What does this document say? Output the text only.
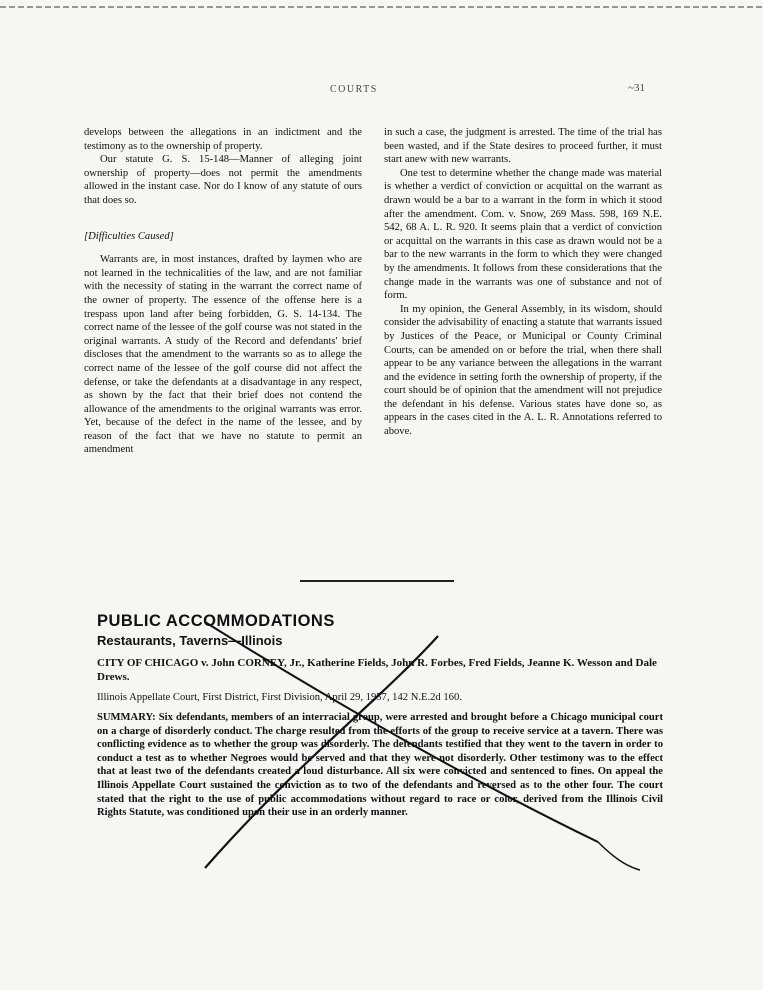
COURTS	~31

develops between the allegations in an indictment and the testimony as to the ownership of property.

Our statute G. S. 15-148—Manner of alleging joint ownership of property—does not permit the amendments allowed in the instant case. Nor do I know of any statute of ours that does so.

[Difficulties Caused]

Warrants are, in most instances, drafted by laymen who are not learned in the technicalities of the law, and are not familiar with the necessity of stating in the warrant the correct name of the owner of property. The essence of the offense here is a trespass upon land after being forbidden, G. S. 14-134. The correct name of the lessee of the golf course was not stated in the original warrants. A study of the Record and defendants' brief discloses that the amendment to the warrants so as to allege the correct name of the lessee of the golf course did not affect the defense, or take the defendants at a disadvantage in any respect, as shown by the fact that their brief does not contend the allowance of the amendments to the original warrants was error. Yet, because of the defect in the name of the lessee, and by reason of the fact that we have no statute to permit an amendment

in such a case, the judgment is arrested. The time of the trial has been wasted, and if the State desires to proceed further, it must start anew with new warrants.

One test to determine whether the change made was material is whether a verdict of conviction or acquittal on the warrant as drawn would be a bar to a warrant in the form in which it stood after the amendment. Com. v. Snow, 269 Mass. 598, 169 N.E. 542, 68 A. L. R. 920. It seems plain that a verdict of conviction or acquittal on the warrants in this case as drawn would not be a bar to the new warrants in the form to which they were changed by the amendments. It follows from these considerations that the change made in the warrants was one of substance and not of form.

In my opinion, the General Assembly, in its wisdom, should consider the advisability of enacting a statute that warrants issued by Justices of the Peace, or Municipal or County Criminal Courts, can be amended on or before the trial, when there shall appear to be any variance between the allegations in the warrant and the evidence in setting forth the ownership of property, if the court should be of opinion that the amendment will not prejudice the defendant in his defense. Various states have done so, as appears in the cases cited in the A. L. R. Annotations referred to above.

PUBLIC ACCOMMODATIONS
Restaurants, Taverns—Illinois

CITY OF CHICAGO v. John CORNEY, Jr., Katherine Fields, John R. Forbes, Fred Fields, Jeanne K. Wesson and Dale Drews.

Illinois Appellate Court, First District, First Division, April 29, 1957, 142 N.E.2d 160.

SUMMARY: Six defendants, members of an interracial group, were arrested and brought before a Chicago municipal court on a charge of disorderly conduct. The charge resulted from the efforts of the group to receive service at a tavern. There was conflicting evidence as to whether the group was disorderly. The defendants testified that they went to the tavern in order to conduct a test as to whether Negroes would be served and that they were not disorderly. Other testimony was to the effect that at least two of the defendants created a loud disturbance. All six were convicted and sentenced to fines. On appeal the Illinois Appellate Court sustained the conviction as to two of the defendants and reversed as to the other four. The court stated that the right to the use of public accommodations without regard to race or color, derived from the Illinois Civil Rights Statute, was conditioned upon their use in an orderly manner.
